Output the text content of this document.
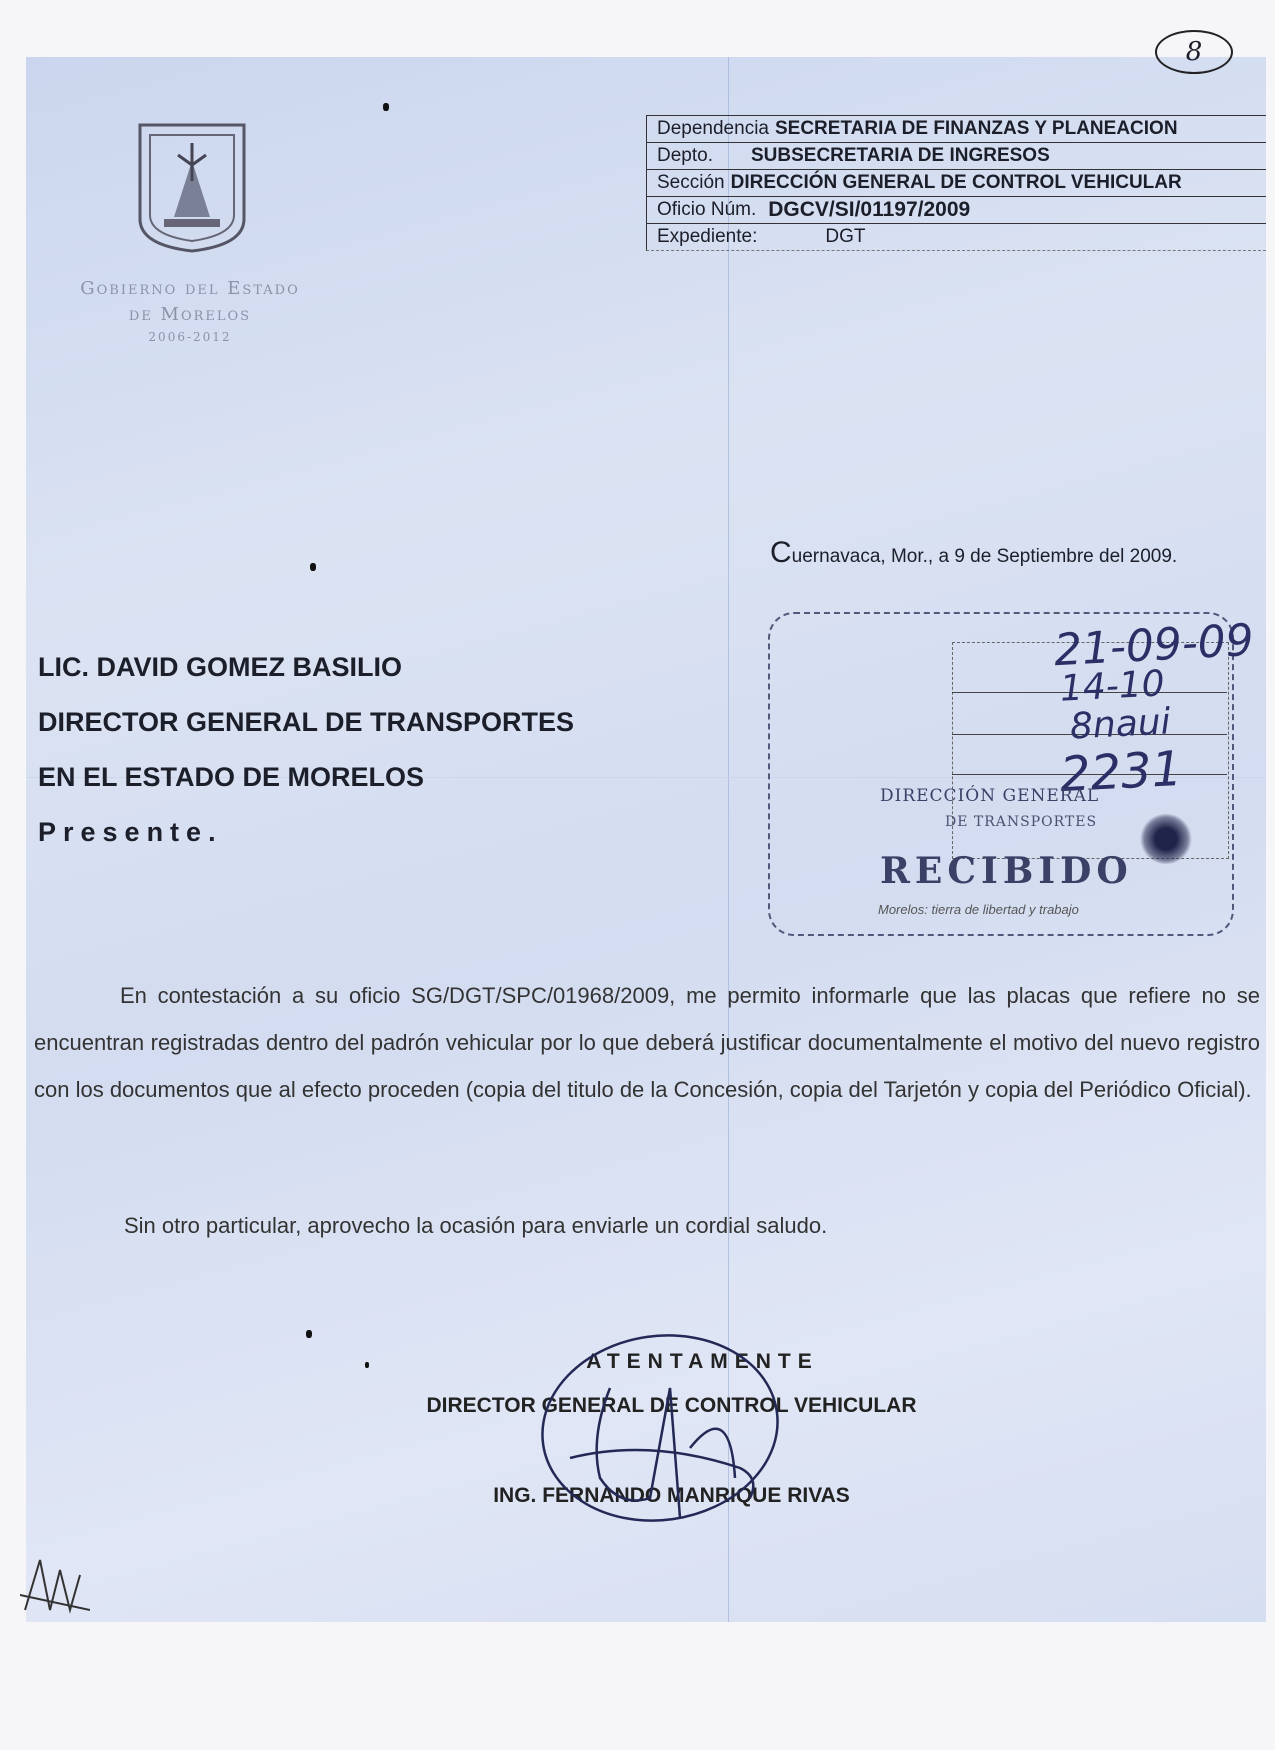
8
Gobierno del Estado
de Morelos
2006-2012
Dependencia SECRETARIA DE FINANZAS Y PLANEACION
Depto. SUBSECRETARIA DE INGRESOS
Sección DIRECCIÓN GENERAL DE CONTROL VEHICULAR
Oficio Núm. DGCV/SI/01197/2009
Expediente:	DGT
Cuernavaca, Mor., a 9 de Septiembre del 2009.
LIC. DAVID GOMEZ BASILIO
DIRECTOR GENERAL DE TRANSPORTES
EN EL ESTADO DE MORELOS
Presente.
21-09-09
14-10
8naui
2231
DIRECCIÓN GENERAL
DE TRANSPORTES
RECIBIDO
Morelos: tierra de libertad y trabajo

En contestación a su oficio SG/DGT/SPC/01968/2009, me permito informarle que las placas que refiere no se encuentran registradas dentro del padrón vehicular por lo que deberá justificar documentalmente el motivo del nuevo registro con los documentos que al efecto proceden (copia del titulo de la Concesión, copia del Tarjetón y copia del Periódico Oficial).

Sin otro particular, aprovecho la ocasión para enviarle un cordial saludo.
ATENTAMENTE
DIRECTOR GENERAL DE CONTROL VEHICULAR
ING. FERNANDO MANRIQUE RIVAS
